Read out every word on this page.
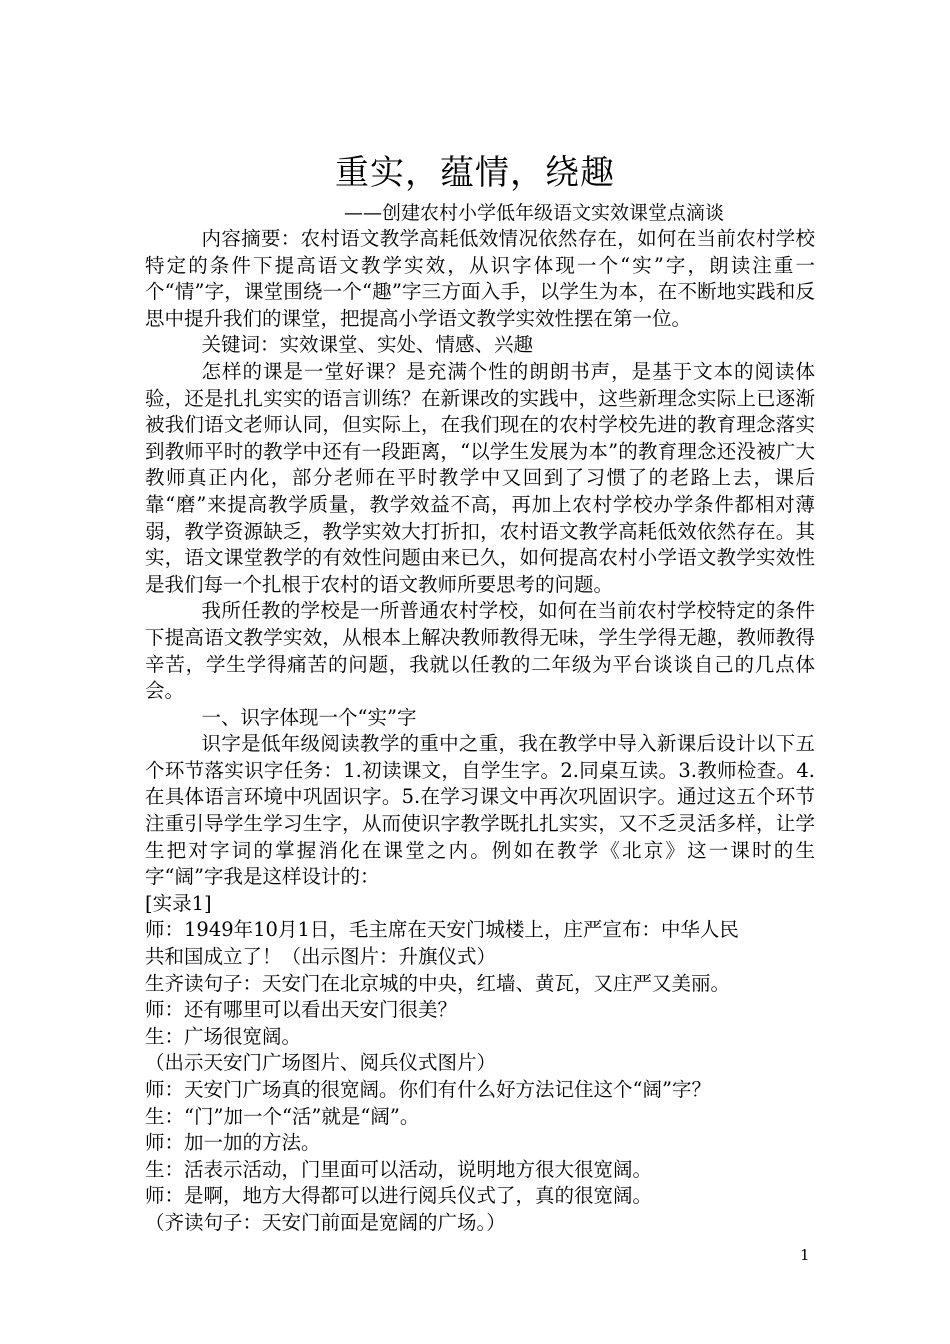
重实，蕴情，绕趣
——创建农村小学低年级语文实效课堂点滴谈

内容摘要：农村语文教学高耗低效情况依然存在，如何在当前农村学校特定的条件下提高语文教学实效，从识字体现一个“实”字，朗读注重一个“情”字，课堂围绕一个“趣”字三方面入手，以学生为本，在不断地实践和反思中提升我们的课堂，把提高小学语文教学实效性摆在第一位。

关键词：实效课堂、实处、情感、兴趣

怎样的课是一堂好课？是充满个性的朗朗书声，是基于文本的阅读体验，还是扎扎实实的语言训练？在新课改的实践中，这些新理念实际上已逐渐被我们语文老师认同，但实际上，在我们现在的农村学校先进的教育理念落实到教师平时的教学中还有一段距离，“以学生发展为本”的教育理念还没被广大教师真正内化，部分老师在平时教学中又回到了习惯了的老路上去，课后靠“磨”来提高教学质量，教学效益不高，再加上农村学校办学条件都相对薄弱，教学资源缺乏，教学实效大打折扣，农村语文教学高耗低效依然存在。其实，语文课堂教学的有效性问题由来已久，如何提高农村小学语文教学实效性是我们每一个扎根于农村的语文教师所要思考的问题。

我所任教的学校是一所普通农村学校，如何在当前农村学校特定的条件下提高语文教学实效，从根本上解决教师教得无味，学生学得无趣，教师教得辛苦，学生学得痛苦的问题，我就以任教的二年级为平台谈谈自己的几点体会。

一、识字体现一个“实”字

识字是低年级阅读教学的重中之重，我在教学中导入新课后设计以下五个环节落实识字任务：1.初读课文，自学生字。2.同桌互读。3.教师检查。4.在具体语言环境中巩固识字。5.在学习课文中再次巩固识字。通过这五个环节注重引导学生学习生字，从而使识字教学既扎扎实实，又不乏灵活多样，让学生把对字词的掌握消化在课堂之内。例如在教学《北京》这一课时的生字“阔”字我是这样设计的：

[实录1]

师：1949年10月1日，毛主席在天安门城楼上，庄严宣布：中华人民

共和国成立了！（出示图片：升旗仪式）

生齐读句子：天安门在北京城的中央，红墙、黄瓦，又庄严又美丽。

师：还有哪里可以看出天安门很美？

生：广场很宽阔。

（出示天安门广场图片、阅兵仪式图片）

师：天安门广场真的很宽阔。你们有什么好方法记住这个“阔”字？

生：“门”加一个“活”就是“阔”。

师：加一加的方法。

生：活表示活动，门里面可以活动，说明地方很大很宽阔。

师：是啊，地方大得都可以进行阅兵仪式了，真的很宽阔。

（齐读句子：天安门前面是宽阔的广场。）

1
